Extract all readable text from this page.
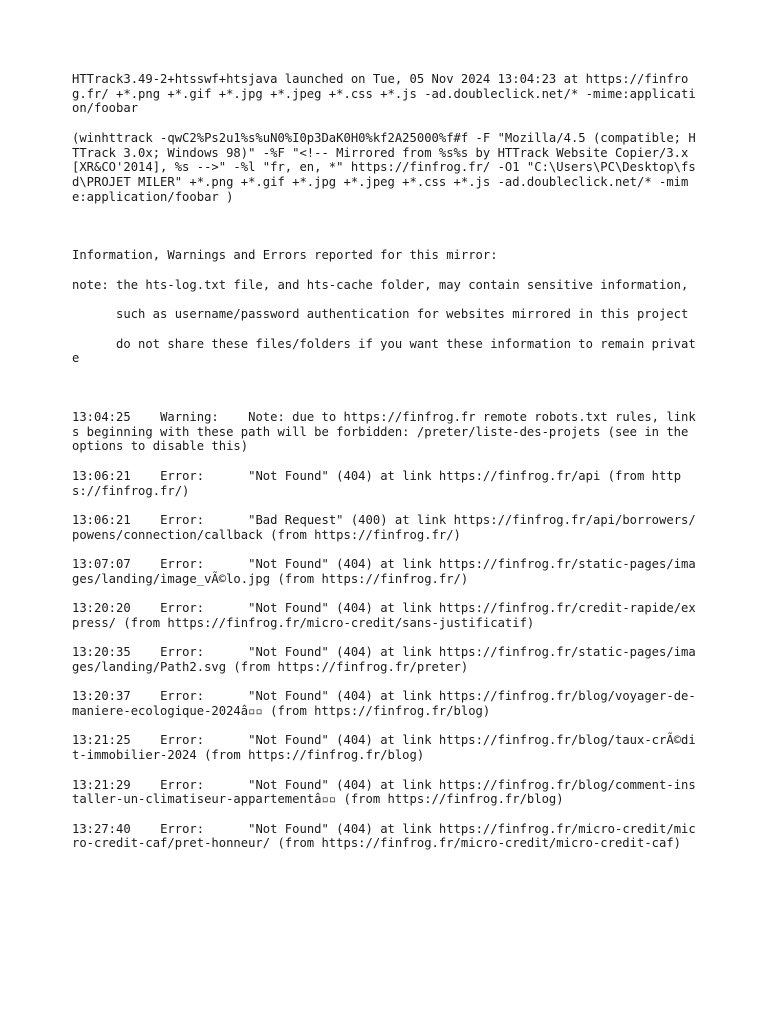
HTTrack3.49-2+htsswf+htsjava launched on Tue, 05 Nov 2024 13:04:23 at https://finfrog.fr/ +*.png +*.gif +*.jpg +*.jpeg +*.css +*.js -ad.doubleclick.net/* -mime:application/foobar
(winhttrack -qwC2%Ps2u1%s%uN0%I0p3DaK0H0%kf2A25000%f#f -F "Mozilla/4.5 (compatible; HTTrack 3.0x; Windows 98)" -%F "<!-- Mirrored from %s%s by HTTrack Website Copier/3.x [XR&CO'2014], %s -->" -%l "fr, en, *" https://finfrog.fr/ -O1 "C:\Users\PC\Desktop\fsd\PROJET MILER" +*.png +*.gif +*.jpg +*.jpeg +*.css +*.js -ad.doubleclick.net/* -mime:application/foobar )
Information, Warnings and Errors reported for this mirror:
note: the hts-log.txt file, and hts-cache folder, may contain sensitive information,
such as username/password authentication for websites mirrored in this project
do not share these files/folders if you want these information to remain private
13:04:25 Warning: Note: due to https://finfrog.fr remote robots.txt rules, links beginning with these path will be forbidden: /preter/liste-des-projets (see in the options to disable this)
13:06:21 Error:	"Not Found" (404) at link https://finfrog.fr/api (from https://finfrog.fr/)
13:06:21 Error:	"Bad Request" (400) at link https://finfrog.fr/api/borrowers/powens/connection/callback (from https://finfrog.fr/)
13:07:07 Error:	"Not Found" (404) at link https://finfrog.fr/static-pages/images/landing/image_vÃ©lo.jpg (from https://finfrog.fr/)
13:20:20 Error:	"Not Found" (404) at link https://finfrog.fr/credit-rapide/express/ (from https://finfrog.fr/micro-credit/sans-justificatif)
13:20:35 Error:	"Not Found" (404) at link https://finfrog.fr/static-pages/images/landing/Path2.svg (from https://finfrog.fr/preter)
13:20:37 Error:	"Not Found" (404) at link https://finfrog.fr/blog/voyager-de-maniere-ecologique-2024â▫▫ (from https://finfrog.fr/blog)
13:21:25 Error:	"Not Found" (404) at link https://finfrog.fr/blog/taux-crÃ©dit-immobilier-2024 (from https://finfrog.fr/blog)
13:21:29 Error:	"Not Found" (404) at link https://finfrog.fr/blog/comment-installer-un-climatiseur-appartementâ▫▫ (from https://finfrog.fr/blog)
13:27:40 Error:	"Not Found" (404) at link https://finfrog.fr/micro-credit/micro-credit-caf/pret-honneur/ (from https://finfrog.fr/micro-credit/micro-credit-caf)
